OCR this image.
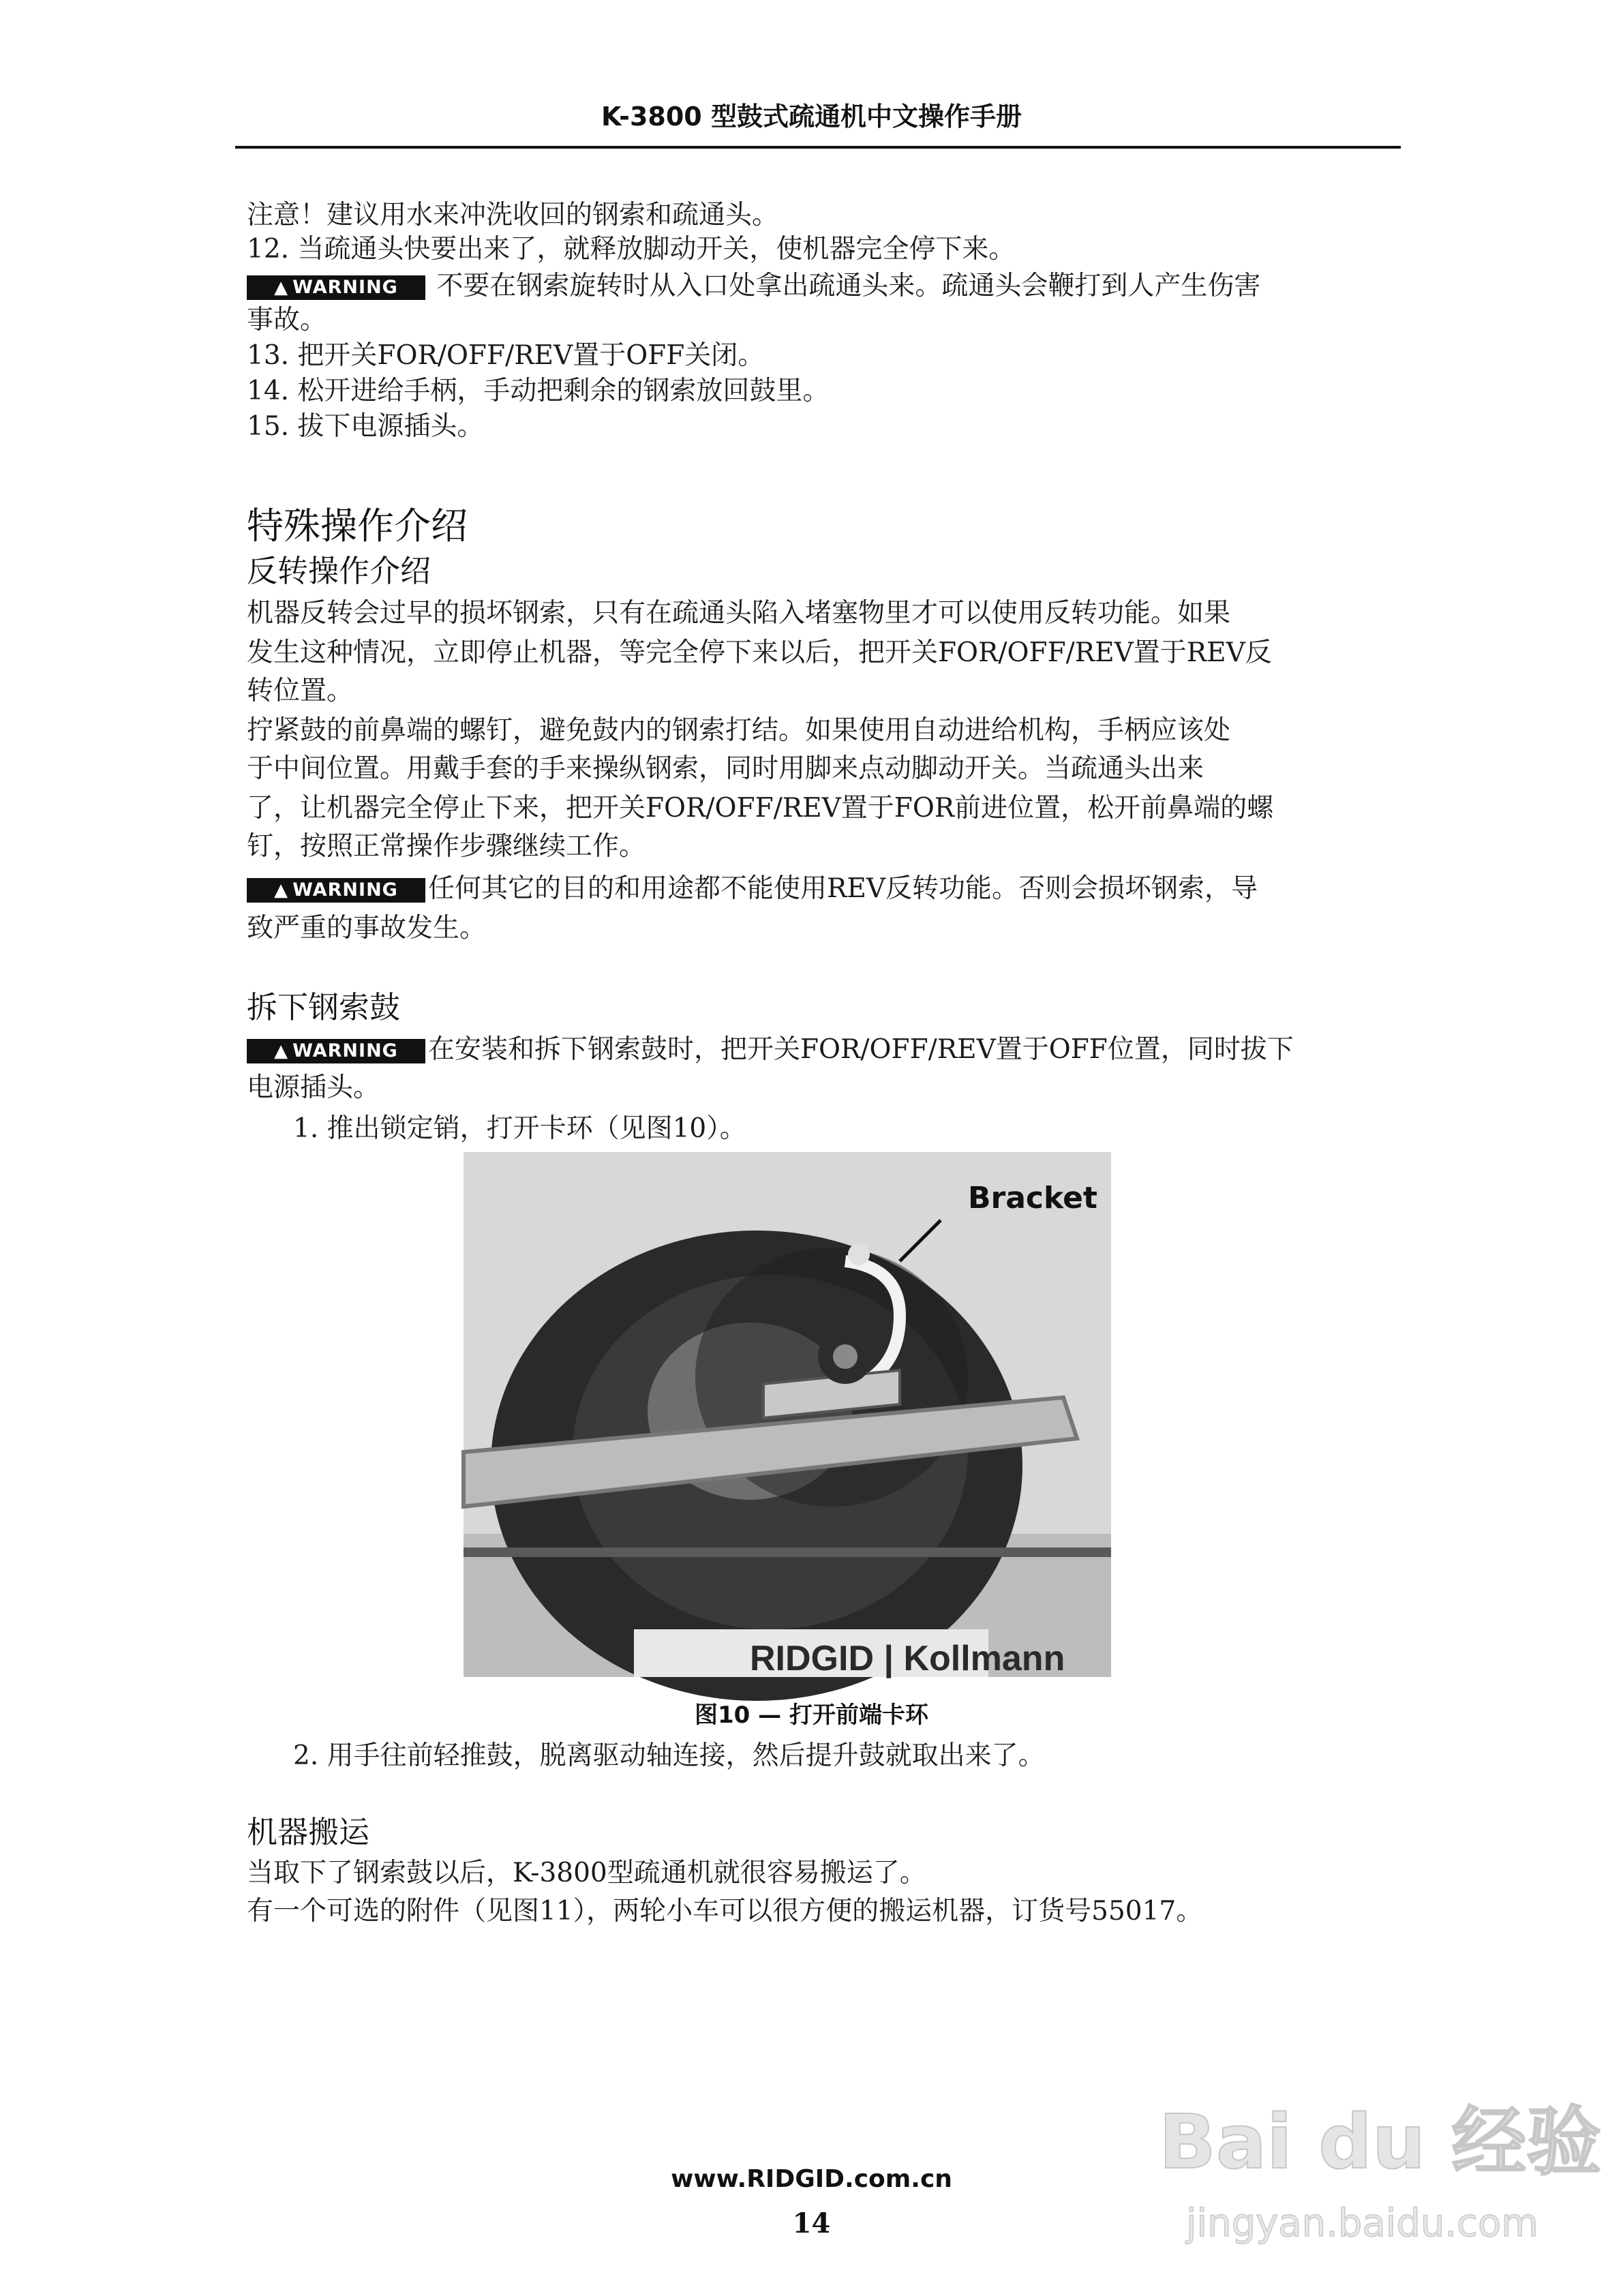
K-3800 型鼓式疏通机中文操作手册
注意！建议用水来冲洗收回的钢索和疏通头。
12. 当疏通头快要出来了，就释放脚动开关，使机器完全停下来。
▲ WARNING 不要在钢索旋转时从入口处拿出疏通头来。疏通头会鞭打到人产生伤害
事故。
13. 把开关FOR/OFF/REV置于OFF关闭。
14. 松开进给手柄，手动把剩余的钢索放回鼓里。
15. 拔下电源插头。
特殊操作介绍
反转操作介绍
机器反转会过早的损坏钢索，只有在疏通头陷入堵塞物里才可以使用反转功能。如果
发生这种情况，立即停止机器，等完全停下来以后，把开关FOR/OFF/REV置于REV反
转位置。
拧紧鼓的前鼻端的螺钉，避免鼓内的钢索打结。如果使用自动进给机构，手柄应该处
于中间位置。用戴手套的手来操纵钢索，同时用脚来点动脚动开关。当疏通头出来
了，让机器完全停止下来，把开关FOR/OFF/REV置于FOR前进位置，松开前鼻端的螺
钉，按照正常操作步骤继续工作。
▲ WARNING 任何其它的目的和用途都不能使用REV反转功能。否则会损坏钢索，导
致严重的事故发生。
拆下钢索鼓
▲ WARNING 在安装和拆下钢索鼓时，把开关FOR/OFF/REV置于OFF位置，同时拔下
电源插头。
1. 推出锁定销，打开卡环（见图10）。
RIDGID | Kollmann
Bracket
图10 — 打开前端卡环
2. 用手往前轻推鼓，脱离驱动轴连接，然后提升鼓就取出来了。
机器搬运
当取下了钢索鼓以后，K-3800型疏通机就很容易搬运了。
有一个可选的附件（见图11），两轮小车可以很方便的搬运机器，订货号55017。
Bai du 经验
jingyan.baidu.com
www.RIDGID.com.cn
14
